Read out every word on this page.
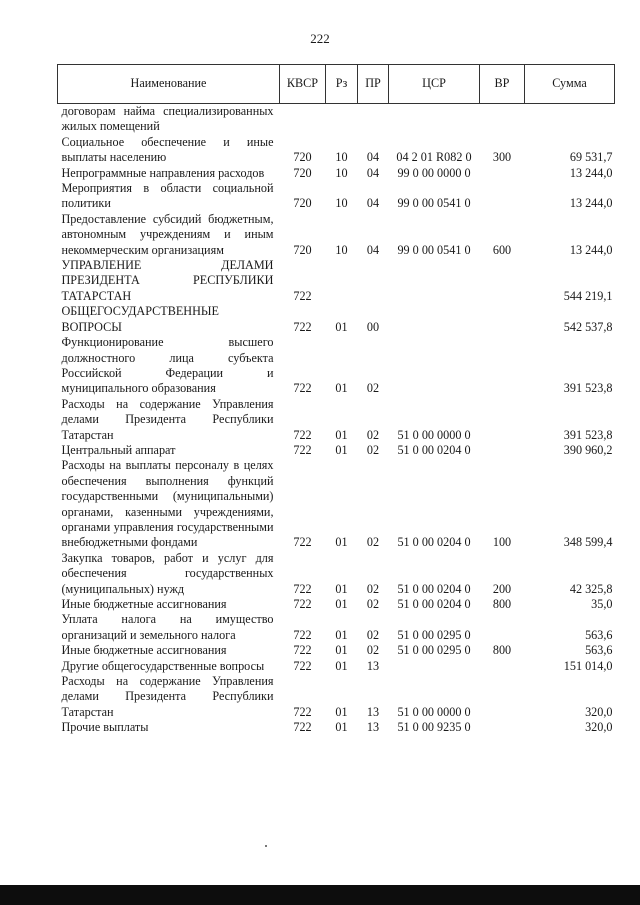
222
Наименование	КВСР	Рз	ПР	ЦСР	ВР	Сумма
договорам найма специализированных жилых помещений						
Социальное обеспечение и иные выплаты населению	720	10	04	04 2 01 R082 0	300	69 531,7
Непрограммные направления расходов	720	10	04	99 0 00 0000 0		13 244,0
Мероприятия в области социальной политики	720	10	04	99 0 00 0541 0		13 244,0
Предоставление субсидий бюджетным, автономным учреждениям и иным некоммерческим организациям	720	10	04	99 0 00 0541 0	600	13 244,0
УПРАВЛЕНИЕ ДЕЛАМИ ПРЕЗИДЕНТА РЕСПУБЛИКИ ТАТАРСТАН	722					544 219,1
ОБЩЕГОСУДАРСТВЕННЫЕ ВОПРОСЫ	722	01	00			542 537,8
Функционирование высшего должностного лица субъекта Российской Федерации и муниципального образования	722	01	02			391 523,8
Расходы на содержание Управления делами Президента Республики Татарстан	722	01	02	51 0 00 0000 0		391 523,8
Центральный аппарат	722	01	02	51 0 00 0204 0		390 960,2
Расходы на выплаты персоналу в целях обеспечения выполнения функций государственными (муниципальными) органами, казенными учреждениями, органами управления государственными внебюджетными фондами	722	01	02	51 0 00 0204 0	100	348 599,4
Закупка товаров, работ и услуг для обеспечения государственных (муниципальных) нужд	722	01	02	51 0 00 0204 0	200	42 325,8
Иные бюджетные ассигнования	722	01	02	51 0 00 0204 0	800	35,0
Уплата налога на имущество организаций и земельного налога	722	01	02	51 0 00 0295 0		563,6
Иные бюджетные ассигнования	722	01	02	51 0 00 0295 0	800	563,6
Другие общегосударственные вопросы	722	01	13			151 014,0
Расходы на содержание Управления делами Президента Республики Татарстан	722	01	13	51 0 00 0000 0		320,0
Прочие выплаты	722	01	13	51 0 00 9235 0		320,0
